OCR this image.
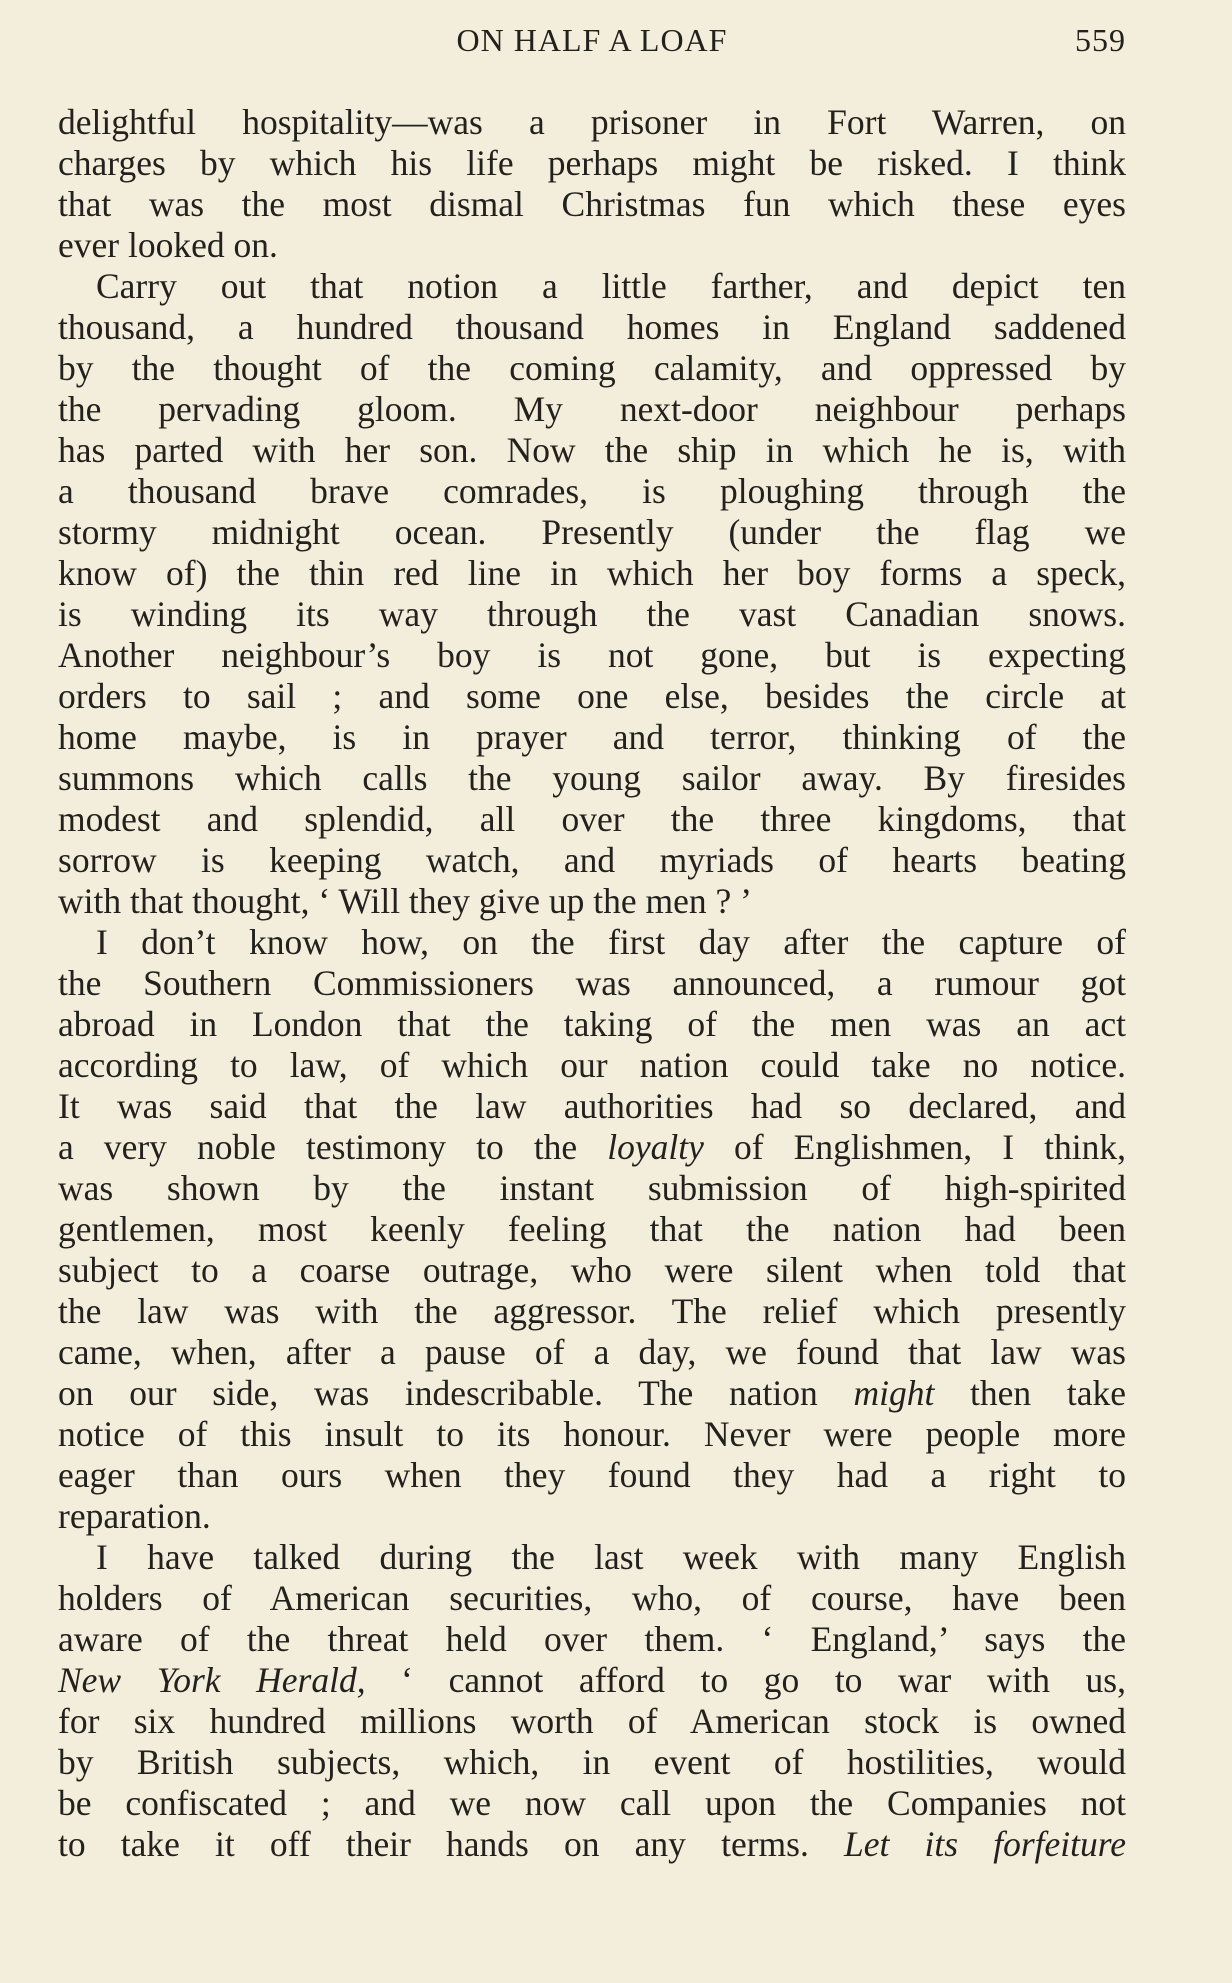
ON HALF A LOAF	559
delightful hospitality—was a prisoner in Fort Warren, on
charges by which his life perhaps might be risked. I think
that was the most dismal Christmas fun which these eyes
ever looked on.
Carry out that notion a little farther, and depict ten
thousand, a hundred thousand homes in England saddened
by the thought of the coming calamity, and oppressed by
the pervading gloom. My next-door neighbour perhaps
has parted with her son. Now the ship in which he is, with
a thousand brave comrades, is ploughing through the
stormy midnight ocean. Presently (under the flag we
know of) the thin red line in which her boy forms a speck,
is winding its way through the vast Canadian snows.
Another neighbour’s boy is not gone, but is expecting
orders to sail ; and some one else, besides the circle at
home maybe, is in prayer and terror, thinking of the
summons which calls the young sailor away. By firesides
modest and splendid, all over the three kingdoms, that
sorrow is keeping watch, and myriads of hearts beating
with that thought, ‘ Will they give up the men ? ’
I don’t know how, on the first day after the capture of
the Southern Commissioners was announced, a rumour got
abroad in London that the taking of the men was an act
according to law, of which our nation could take no notice.
It was said that the law authorities had so declared, and
a very noble testimony to the loyalty of Englishmen, I think,
was shown by the instant submission of high-spirited
gentlemen, most keenly feeling that the nation had been
subject to a coarse outrage, who were silent when told that
the law was with the aggressor. The relief which presently
came, when, after a pause of a day, we found that law was
on our side, was indescribable. The nation might then take
notice of this insult to its honour. Never were people more
eager than ours when they found they had a right to
reparation.
I have talked during the last week with many English
holders of American securities, who, of course, have been
aware of the threat held over them. ‘ England,’ says the
New York Herald, ‘ cannot afford to go to war with us,
for six hundred millions worth of American stock is owned
by British subjects, which, in event of hostilities, would
be confiscated ; and we now call upon the Companies not
to take it off their hands on any terms. Let its forfeiture
